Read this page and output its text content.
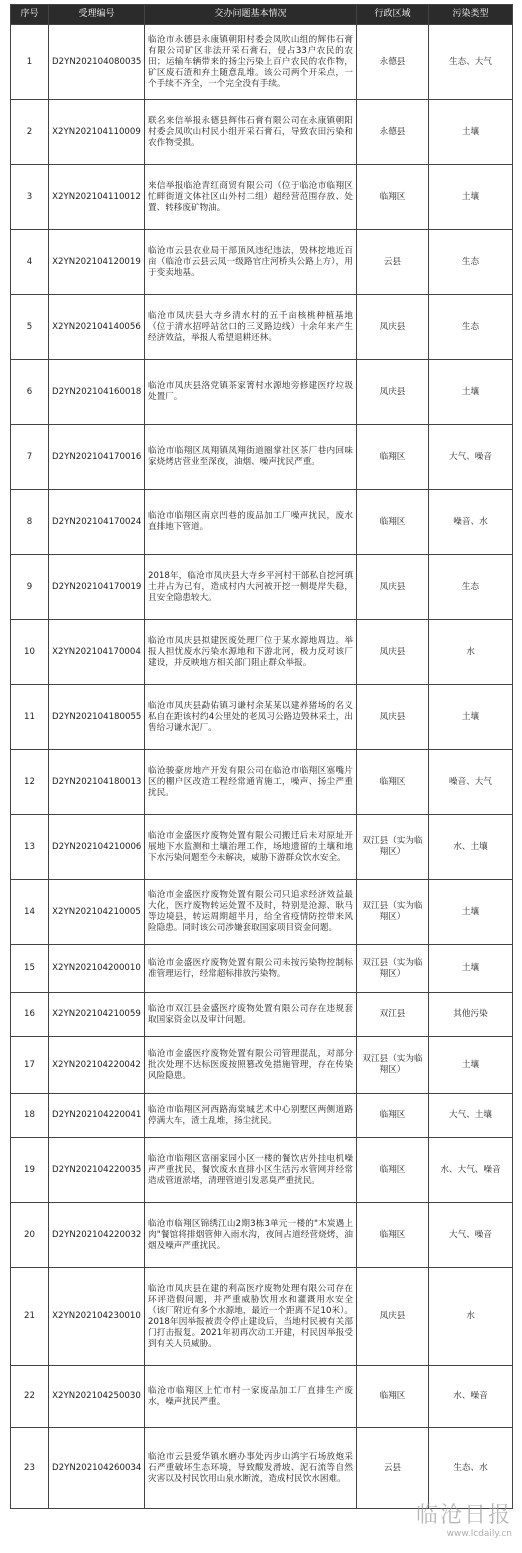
序号	受理编号	交办问题基本情况	行政区域	污染类型
1	D2YN202104080035	临沧市永德县永康镇朝阳村委会凤吹山组的辉伟石膏有限公司矿区非法开采石膏石，侵占33户农民的农田；运输车辆带来的扬尘污染上百户农民的农作物，矿区废石渣和弃土随意乱堆。该公司两个开采点，一个手续不齐全，一个完全没有手续。	永德县	生态、大气
2	X2YN202104110009	联名来信举报永德县辉伟石膏有限公司在永康镇朝阳村委会凤吹山村民小组开采石膏石，导致农田污染和农作物受损。	永德县	土壤
3	X2YN202104110012	来信举报临沧青红商贸有限公司（位于临沧市临翔区忙畔街道文体社区山外村二组）超经营范围存放、处置、转移废矿物油。	临翔区	土壤
4	X2YN202104120019	临沧市云县农业局干部顶风违纪违法，毁林挖地近百亩（临沧市云县云凤一级路官庄河桥头公路上方），用于变卖地基。	云县	生态
5	X2YN202104140056	临沧市凤庆县大寺乡清水村的五千亩核桃种植基地（位于清水招呼站岔口的三叉路边线）十余年来产生经济效益，举报人希望退耕还林。	凤庆县	生态
6	D2YN202104160018	临沧市凤庆县洛党镇茶家箐村水源地旁修建医疗垃圾处置厂。	凤庆县	土壤
7	D2YN202104170016	临沧市临翔区凤翔镇凤翔街道圈掌社区茶厂巷内回味家烧烤店营业至深夜，油烟、噪声扰民严重。	临翔区	大气、噪音
8	D2YN202104170024	临沧市临翔区南京凹巷的废品加工厂噪声扰民，废水直排地下管道。	临翔区	噪音、水
9	D2YN202104170019	2018年，临沧市凤庆县大寺乡平河村干部私自挖河填土并占为己有，造成村内大河被开挖一侧堤岸失稳，且安全隐患较大。	凤庆县	生态
10	X2YN202104170004	临沧市凤庆县拟建医废处理厂位于某水源地周边。举报人担忧废水污染水源地和下游北河，极力反对该厂建设，并反映地方相关部门阻止群众举报。	凤庆县	水
11	D2YN202104180055	临沧市凤庆县勐佑镇习谦村余某某以建养猪场的名义私自在距该村约4公里处的老凤习公路边毁林采土，出售给习谦水泥厂。	凤庆县	土壤
12	D2YN202104180013	临沧骏豪房地产开发有限公司在临沧市临翔区塞嘴片区的棚户区改造工程经常通宵施工，噪声、扬尘严重扰民。	临翔区	噪音、大气
13	D2YN202104210006	临沧市金盛医疗废物处置有限公司搬迁后未对原址开展地下水监测和土壤治理工作，场地遗留的土壤和地下水污染问题至今未解决，威胁下游群众饮水安全。	双江县（实为临翔区）	水、土壤
14	X2YN202104210005	临沧市金盛医疗废物处置有限公司只追求经济效益最大化，医疗废物转运处置不及时，特别是沧源、耿马等边境县，转运周期超半月，给全省疫情防控带来风险隐患。同时该公司涉嫌套取国家项目资金问题。	双江县（实为临翔区）	土壤
15	X2YN202104200010	临沧市金盛医疗废物处置有限公司未按污染物控制标准管理运行，经常超标排放污染物。	双江县（实为临翔区）	土壤
16	X2YN202104210059	临沧市双江县金盛医疗废物处置有限公司存在违规套取国家资金以及审计问题。	双江县	其他污染
17	X2YN202104220042	临沧市金盛医疗废物处置有限公司管理混乱，对部分批次处理不达标医废按照篡改免措施管理，存在传染风险隐患。	双江县（实为临翔区）	土壤
18	D2YN202104220041	临沧市临翔区河西路海棠城艺术中心别墅区两侧道路停满大车，渣土乱堆，扬尘扰民。	临翔区	大气、土壤
19	D2YN202104220035	临沧市临翔区富丽家园小区一楼的餐饮店外挂电机噪声严重扰民，餐饮废水直排小区生活污水管网并经常造成管道淤堵，清理管道引发恶臭严重扰民。	临翔区	水、大气、噪音
20	D2YN202104220032	临沧市临翔区锦绣江山2期3栋3单元一楼的"木炭遇上肉"餐馆将排烟管伸入雨水沟，夜间占道经营烧烤，油烟及噪声严重扰民。	临翔区	大气、噪音
21	X2YN202104230010	临沧市凤庆县在建的利高医疗废物处理有限公司存在环评造假问题，并严重威胁饮用水和灌溉用水安全（该厂附近有多个水源地，最近一个距离不足10米）。2018年因举报被责令停止建设后，当地村民被有关部门打击报复。2021年初再次动工开建，村民因举报受到有关人员威胁。	凤庆县	水
22	X2YN202104250030	临沧市临翔区上忙市村一家废品加工厂直排生产废水，噪声扰民严重。	临翔区	水、噪音
23	D2YN202104260034	临沧市云县爱华镇水磨办事处丙步山鸿宇石场放炮采石严重破坏生态环境，导致酸发滑坡、泥石流等自然灾害以及村民饮用山泉水断流，造成村民饮水困难。	云县	生态、水
临沧日报
www.lcdaily.cn
